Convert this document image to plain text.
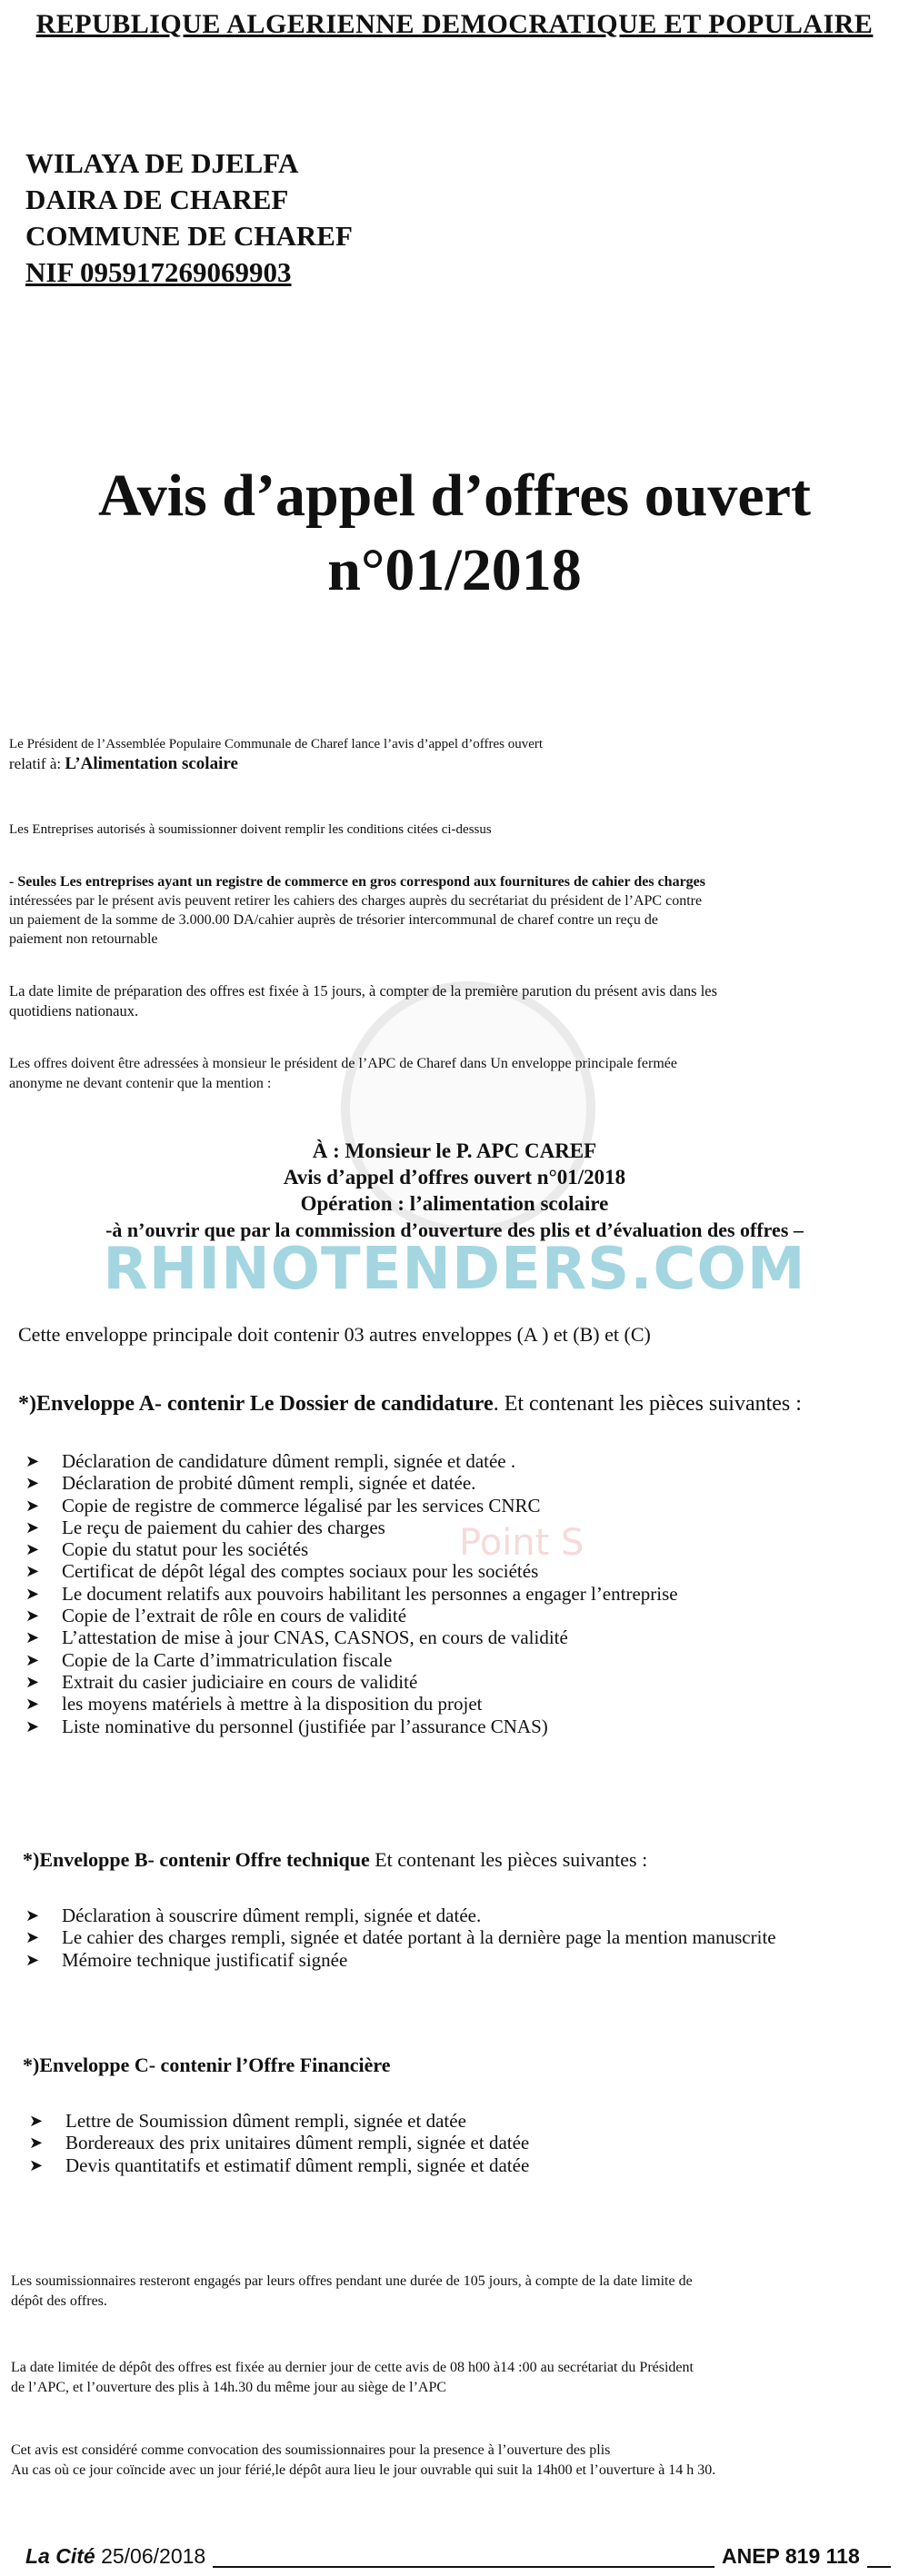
REPUBLIQUE ALGERIENNE DEMOCRATIQUE ET POPULAIRE
WILAYA DE DJELFA
DAIRA DE CHAREF
COMMUNE DE CHAREF
NIF 095917269069903
Avis d’appel d’offres ouvert
n°01/2018
RHINOTENDERS.COM
Point S
Le Président de l’Assemblée Populaire Communale de Charef lance l’avis d’appel d’offres ouvert
relatif à: L’Alimentation scolaire
Les Entreprises autorisés à soumissionner doivent remplir les conditions citées ci-dessus
- Seules Les entreprises ayant un registre de commerce en gros correspond aux fournitures de cahier des charges
intéressées par le présent avis peuvent retirer les cahiers des charges auprès du secrétariat du président de l’APC contre
un paiement de la somme de 3.000.00 DA/cahier auprès de trésorier intercommunal de charef contre un reçu de
paiement non retournable
La date limite de préparation des offres est fixée à 15 jours, à compter de la première parution du présent avis dans les
quotidiens nationaux.
Les offres doivent être adressées à monsieur le président de l’APC de Charef dans Un enveloppe principale fermée
anonyme ne devant contenir que la mention :
À : Monsieur le P. APC CAREF
Avis d’appel d’offres ouvert n°01/2018
Opération : l’alimentation scolaire
-à n’ouvrir que par la commission d’ouverture des plis et d’évaluation des offres –
Cette enveloppe principale doit contenir 03 autres enveloppes (A ) et (B) et (C)
*)Enveloppe A- contenir Le Dossier de candidature. Et contenant les pièces suivantes :
➤	Déclaration de candidature dûment rempli, signée et datée .
➤	Déclaration de probité dûment rempli, signée et datée.
➤	Copie de registre de commerce légalisé par les services CNRC
➤	Le reçu de paiement du cahier des charges
➤	Copie du statut pour les sociétés
➤	Certificat de dépôt légal des comptes sociaux pour les sociétés
➤	Le document relatifs aux pouvoirs habilitant les personnes a engager l’entreprise
➤	Copie de l’extrait de rôle en cours de validité
➤	L’attestation de mise à jour CNAS, CASNOS, en cours de validité
➤	Copie de la Carte d’immatriculation fiscale
➤	Extrait du casier judiciaire en cours de validité
➤	les moyens matériels à mettre à la disposition du projet
➤	Liste nominative du personnel (justifiée par l’assurance CNAS)
*)Enveloppe B- contenir Offre technique Et contenant les pièces suivantes :
➤	Déclaration à souscrire dûment rempli, signée et datée.
➤	Le cahier des charges rempli, signée et datée portant à la dernière page la mention manuscrite
➤	Mémoire technique justificatif signée
*)Enveloppe C- contenir l’Offre Financière
➤	Lettre de Soumission dûment rempli, signée et datée
➤	Bordereaux des prix unitaires dûment rempli, signée et datée
➤	Devis quantitatifs et estimatif dûment rempli, signée et datée
Les soumissionnaires resteront engagés par leurs offres pendant une durée de 105 jours, à compte de la date limite de
dépôt des offres.
La date limitée de dépôt des offres est fixée au dernier jour de cette avis de 08 h00 à14 :00 au secrétariat du Président
de l’APC, et l’ouverture des plis à 14h.30 du même jour au siège de l’APC
Cet avis est considéré comme convocation des soumissionnaires pour la presence à l’ouverture des plis
Au cas où ce jour coïncide avec un jour férié,le dépôt aura lieu le jour ouvrable qui suit la 14h00 et l’ouverture à 14 h 30.
La Cité 25/06/2018	ANEP 819 118
